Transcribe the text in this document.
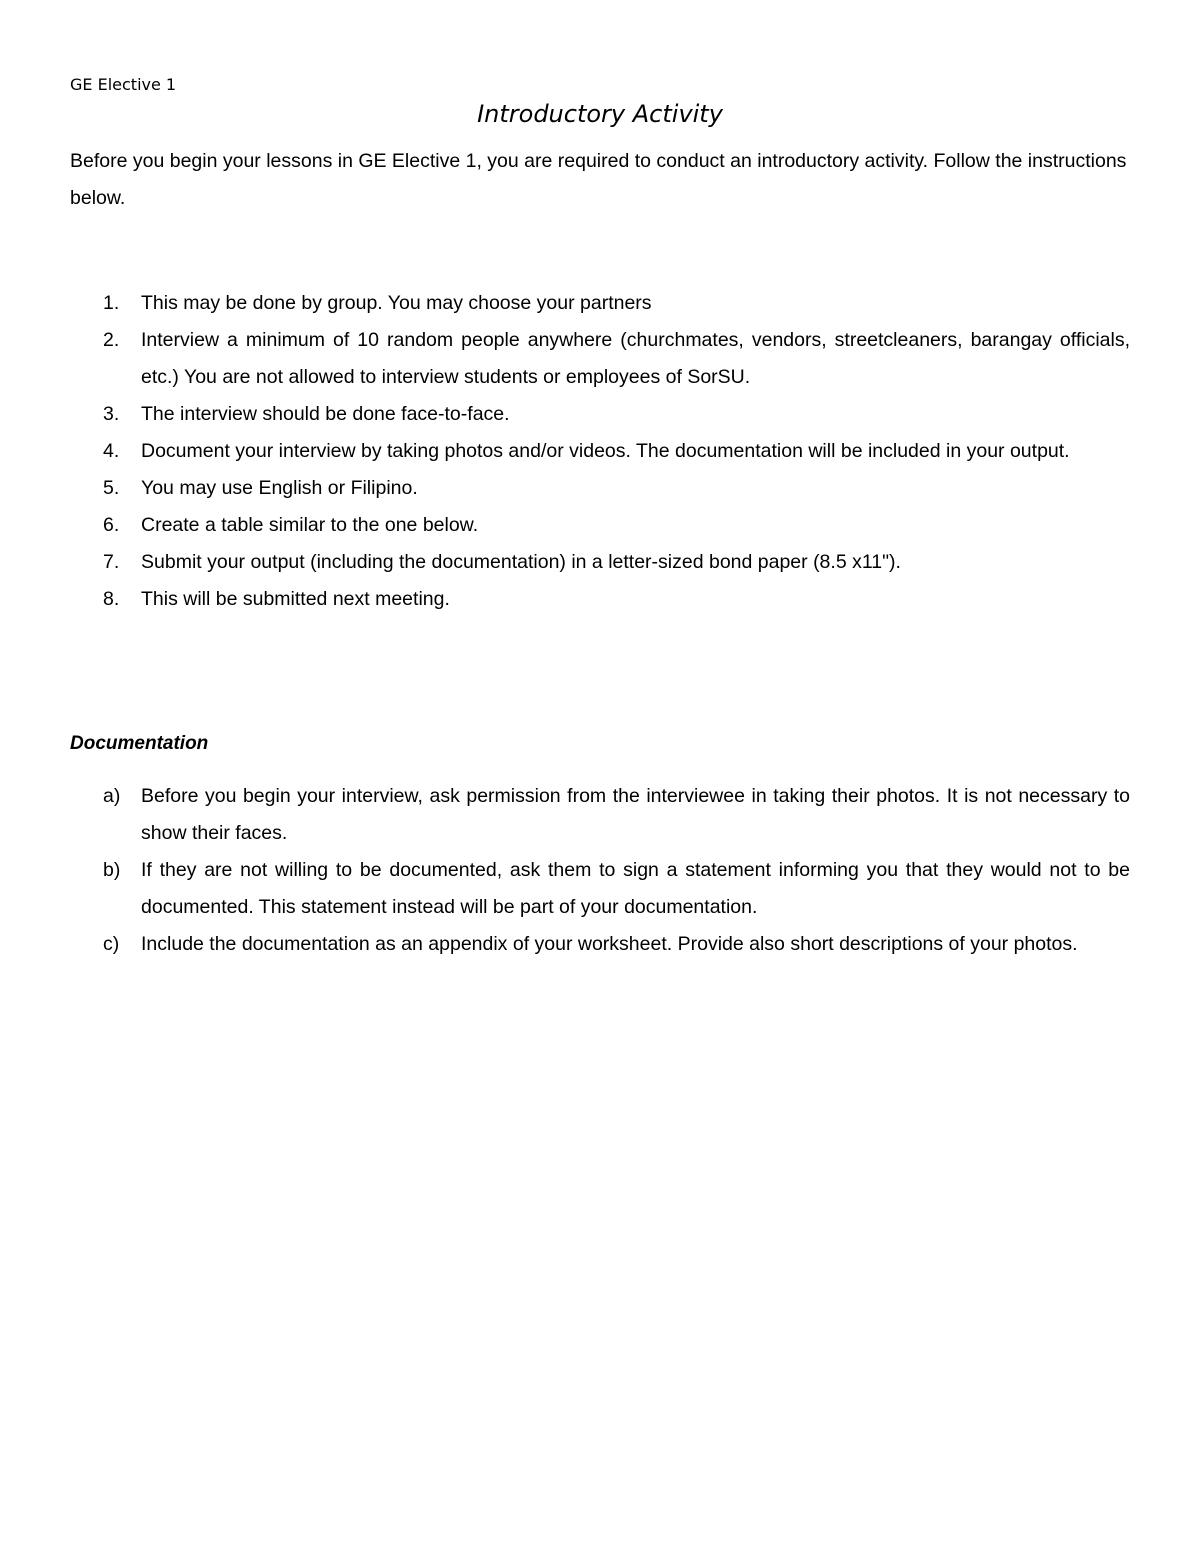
GE Elective 1
Introductory Activity

Before you begin your lessons in GE Elective 1, you are required to conduct an introductory activity. Follow the instructions below.

1. This may be done by group. You may choose your partners
2. Interview a minimum of 10 random people anywhere (churchmates, vendors, streetcleaners, barangay officials, etc.) You are not allowed to interview students or employees of SorSU.
3. The interview should be done face-to-face.
4. Document your interview by taking photos and/or videos. The documentation will be included in your output.
5. You may use English or Filipino.
6. Create a table similar to the one below.
7. Submit your output (including the documentation) in a letter-sized bond paper (8.5 x11").
8. This will be submitted next meeting.
Documentation
a) Before you begin your interview, ask permission from the interviewee in taking their photos. It is not necessary to show their faces.
b) If they are not willing to be documented, ask them to sign a statement informing you that they would not to be documented. This statement instead will be part of your documentation.
c) Include the documentation as an appendix of your worksheet. Provide also short descriptions of your photos.
